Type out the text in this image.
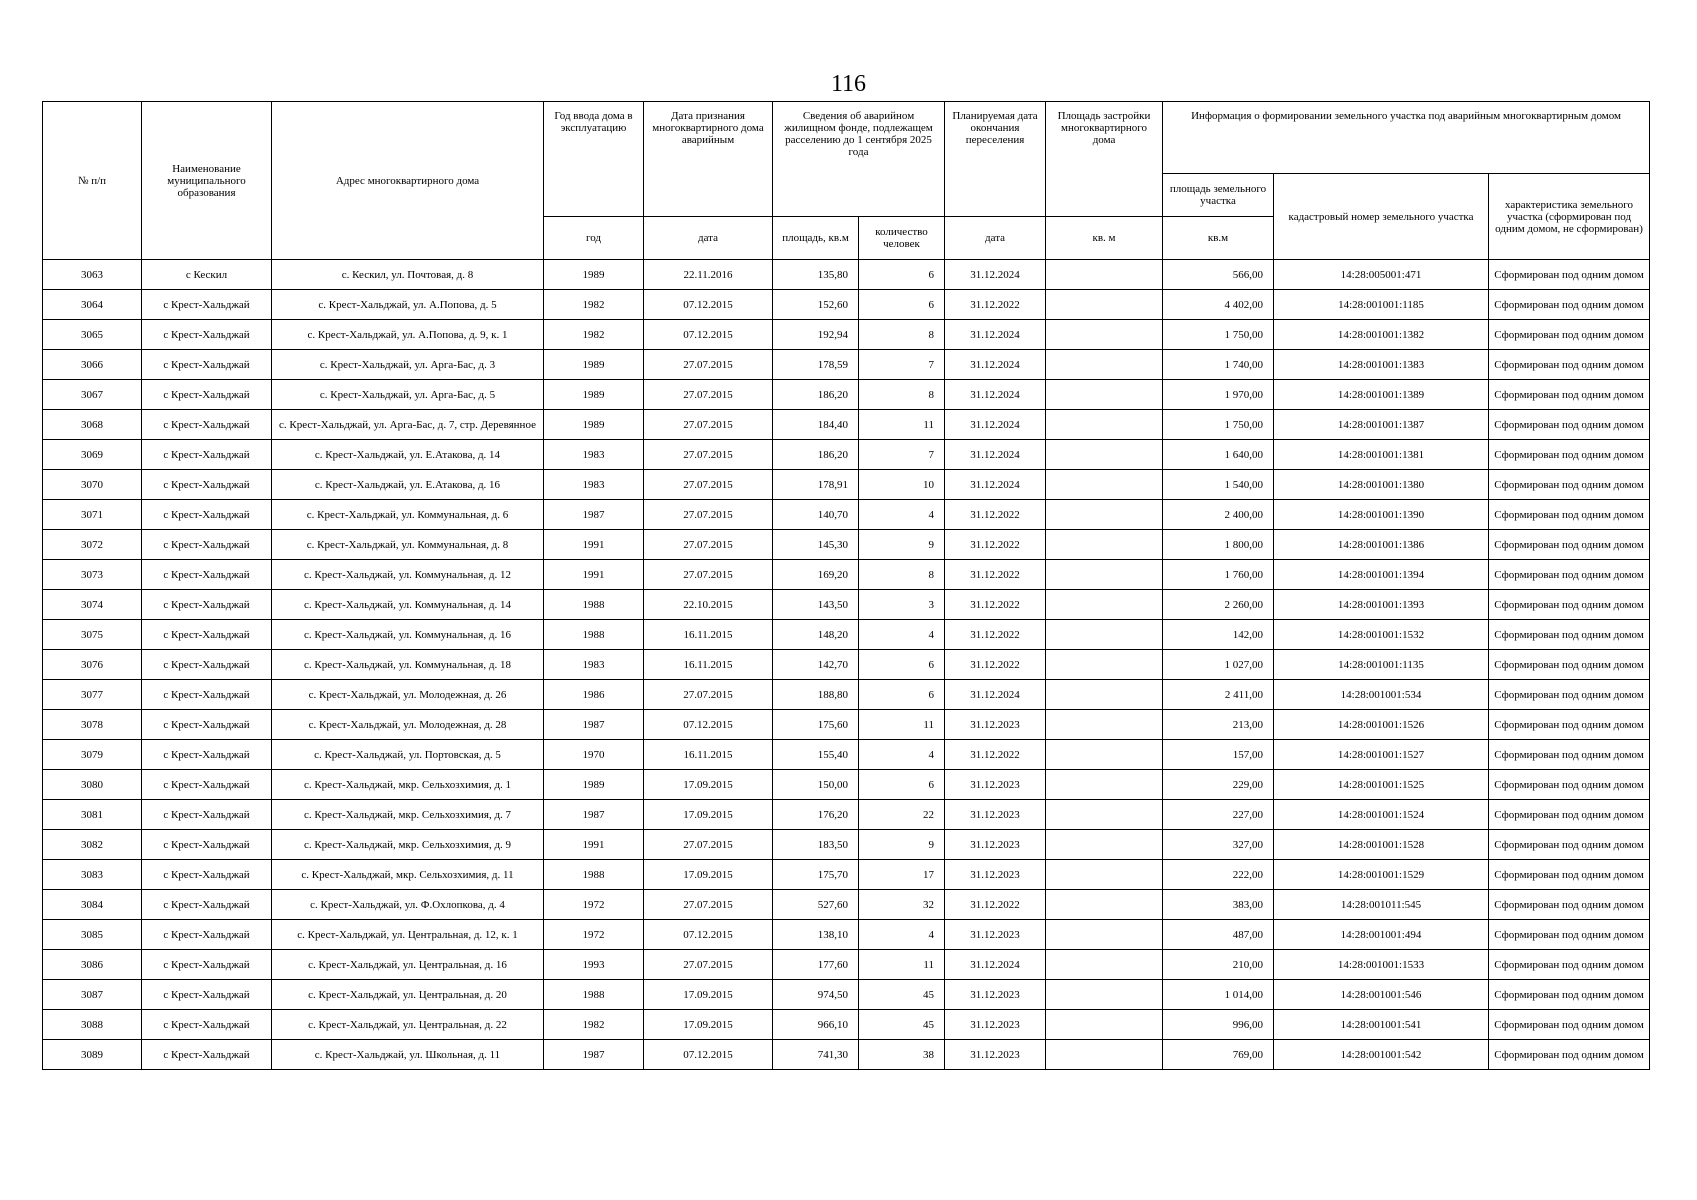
116
№ п/п	Наименование муниципального образования	Адрес многоквартирного дома	Год ввода дома в эксплуатацию	Дата признания многоквартирного дома аварийным	Сведения об аварийном жилищном фонде, подлежащем расселению до 1 сентября 2025 года		Планируемая дата окончания переселения	Площадь застройки многоквартирного дома	Информация о формировании земельного участка под аварийным многоквартирным домом		
									площадь земельного участка	кадастровый номер земельного участка	характеристика земельного участка (сформирован под одним домом, не сформирован)
			год	дата	площадь, кв.м	количество человек	дата	кв. м	кв.м		
3063	с Кескил	с. Кескил, ул. Почтовая, д. 8	1989	22.11.2016	135,80	6	31.12.2024		566,00	14:28:005001:471	Сформирован под одним домом
3064	с Крест-Хальджай	с. Крест-Хальджай, ул. А.Попова, д. 5	1982	07.12.2015	152,60	6	31.12.2022		4 402,00	14:28:001001:1185	Сформирован под одним домом
3065	с Крест-Хальджай	с. Крест-Хальджай, ул. А.Попова, д. 9, к. 1	1982	07.12.2015	192,94	8	31.12.2024		1 750,00	14:28:001001:1382	Сформирован под одним домом
3066	с Крест-Хальджай	с. Крест-Хальджай, ул. Арга-Бас, д. 3	1989	27.07.2015	178,59	7	31.12.2024		1 740,00	14:28:001001:1383	Сформирован под одним домом
3067	с Крест-Хальджай	с. Крест-Хальджай, ул. Арга-Бас, д. 5	1989	27.07.2015	186,20	8	31.12.2024		1 970,00	14:28:001001:1389	Сформирован под одним домом
3068	с Крест-Хальджай	с. Крест-Хальджай, ул. Арга-Бас, д. 7, стр. Деревянное	1989	27.07.2015	184,40	11	31.12.2024		1 750,00	14:28:001001:1387	Сформирован под одним домом
3069	с Крест-Хальджай	с. Крест-Хальджай, ул. Е.Атакова, д. 14	1983	27.07.2015	186,20	7	31.12.2024		1 640,00	14:28:001001:1381	Сформирован под одним домом
3070	с Крест-Хальджай	с. Крест-Хальджай, ул. Е.Атакова, д. 16	1983	27.07.2015	178,91	10	31.12.2024		1 540,00	14:28:001001:1380	Сформирован под одним домом
3071	с Крест-Хальджай	с. Крест-Хальджай, ул. Коммунальная, д. 6	1987	27.07.2015	140,70	4	31.12.2022		2 400,00	14:28:001001:1390	Сформирован под одним домом
3072	с Крест-Хальджай	с. Крест-Хальджай, ул. Коммунальная, д. 8	1991	27.07.2015	145,30	9	31.12.2022		1 800,00	14:28:001001:1386	Сформирован под одним домом
3073	с Крест-Хальджай	с. Крест-Хальджай, ул. Коммунальная, д. 12	1991	27.07.2015	169,20	8	31.12.2022		1 760,00	14:28:001001:1394	Сформирован под одним домом
3074	с Крест-Хальджай	с. Крест-Хальджай, ул. Коммунальная, д. 14	1988	22.10.2015	143,50	3	31.12.2022		2 260,00	14:28:001001:1393	Сформирован под одним домом
3075	с Крест-Хальджай	с. Крест-Хальджай, ул. Коммунальная, д. 16	1988	16.11.2015	148,20	4	31.12.2022		142,00	14:28:001001:1532	Сформирован под одним домом
3076	с Крест-Хальджай	с. Крест-Хальджай, ул. Коммунальная, д. 18	1983	16.11.2015	142,70	6	31.12.2022		1 027,00	14:28:001001:1135	Сформирован под одним домом
3077	с Крест-Хальджай	с. Крест-Хальджай, ул. Молодежная, д. 26	1986	27.07.2015	188,80	6	31.12.2024		2 411,00	14:28:001001:534	Сформирован под одним домом
3078	с Крест-Хальджай	с. Крест-Хальджай, ул. Молодежная, д. 28	1987	07.12.2015	175,60	11	31.12.2023		213,00	14:28:001001:1526	Сформирован под одним домом
3079	с Крест-Хальджай	с. Крест-Хальджай, ул. Портовская, д. 5	1970	16.11.2015	155,40	4	31.12.2022		157,00	14:28:001001:1527	Сформирован под одним домом
3080	с Крест-Хальджай	с. Крест-Хальджай, мкр. Сельхозхимия, д. 1	1989	17.09.2015	150,00	6	31.12.2023		229,00	14:28:001001:1525	Сформирован под одним домом
3081	с Крест-Хальджай	с. Крест-Хальджай, мкр. Сельхозхимия, д. 7	1987	17.09.2015	176,20	22	31.12.2023		227,00	14:28:001001:1524	Сформирован под одним домом
3082	с Крест-Хальджай	с. Крест-Хальджай, мкр. Сельхозхимия, д. 9	1991	27.07.2015	183,50	9	31.12.2023		327,00	14:28:001001:1528	Сформирован под одним домом
3083	с Крест-Хальджай	с. Крест-Хальджай, мкр. Сельхозхимия, д. 11	1988	17.09.2015	175,70	17	31.12.2023		222,00	14:28:001001:1529	Сформирован под одним домом
3084	с Крест-Хальджай	с. Крест-Хальджай, ул. Ф.Охлопкова, д. 4	1972	27.07.2015	527,60	32	31.12.2022		383,00	14:28:001011:545	Сформирован под одним домом
3085	с Крест-Хальджай	с. Крест-Хальджай, ул. Центральная, д. 12, к. 1	1972	07.12.2015	138,10	4	31.12.2023		487,00	14:28:001001:494	Сформирован под одним домом
3086	с Крест-Хальджай	с. Крест-Хальджай, ул. Центральная, д. 16	1993	27.07.2015	177,60	11	31.12.2024		210,00	14:28:001001:1533	Сформирован под одним домом
3087	с Крест-Хальджай	с. Крест-Хальджай, ул. Центральная, д. 20	1988	17.09.2015	974,50	45	31.12.2023		1 014,00	14:28:001001:546	Сформирован под одним домом
3088	с Крест-Хальджай	с. Крест-Хальджай, ул. Центральная, д. 22	1982	17.09.2015	966,10	45	31.12.2023		996,00	14:28:001001:541	Сформирован под одним домом
3089	с Крест-Хальджай	с. Крест-Хальджай, ул. Школьная, д. 11	1987	07.12.2015	741,30	38	31.12.2023		769,00	14:28:001001:542	Сформирован под одним домом
